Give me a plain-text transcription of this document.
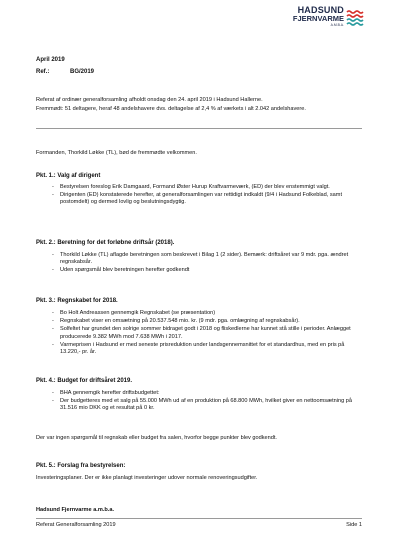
HADSUND
FJERNVARME
A.M.B.A.
April 2019
Ref.:	BG/2019
Referat af ordinær generalforsamling afholdt onsdag den 24. april 2019 i Hadsund Hallerne.
Fremmødt: 51 deltagere, heraf 48 andelshavere dvs. deltagelse af 2,4 % af værkets i alt 2.042 andelshavere.
Formanden, Thorkild Løkke (TL), bød de fremmødte velkommen.
Pkt. 1.: Valg af dirigent
- Bestyrelsen foreslog Erik Damgaard, Formand Øster Hurup Kraftvarmeværk, (ED) der blev enstemmigt valgt.
- Dirigenten (ED) konstaterede herefter, at generalforsamlingen var rettidigt indkaldt (9/4 i Hadsund Folkeblad, samt postomdelt) og dermed lovlig og beslutningsdygtig.
Pkt. 2.: Beretning for det forløbne driftsår (2018).
- Thorkild Løkke (TL) aflagde beretningen som beskrevet i Bilag 1 (2 sider). Bemærk: driftsåret var 9 mdr. pga. ændret regnskabsår.
- Uden spørgsmål blev beretningen herefter godkendt
Pkt. 3.: Regnskabet for 2018.
- Bo Holt Andreassen gennemgik Regnskabet (se præsentation)
- Regnskabet viser en omsætning på 20.537.548 mio. kr. (9 mdr. pga. omlægning af regnskabsår).
- Solfeltet har grundet den solrige sommer bidraget godt i 2018 og fliskedlerne har kunnet stå stille i perioder. Anlægget producerede 9.382 MWh mod 7.638 MWh i 2017.
- Varmeprisen i Hadsund er med seneste prisreduktion under landsgennemsnittet for et standardhus, med en pris på 13.220,- pr. år.
Pkt. 4.: Budget for driftsåret 2019.
- BHA gennemgik herefter driftsbudgettet:
- Der budgetteres med et salg på 55.000 MWh ud af en produktion på 68.800 MWh, hvilket giver en nettoomsætning på 31.516 mio DKK og et resultat på 0 kr.
Der var ingen spørgsmål til regnskab eller budget fra salen, hvorfor begge punkter blev godkendt.
Pkt. 5.: Forslag fra bestyrelsen:
Investeringsplaner. Der er ikke planlagt investeringer udover normale renoveringsudgifter.
Hadsund Fjernvarme a.m.b.a.
Referat Generalforsamling 2019	Side 1
